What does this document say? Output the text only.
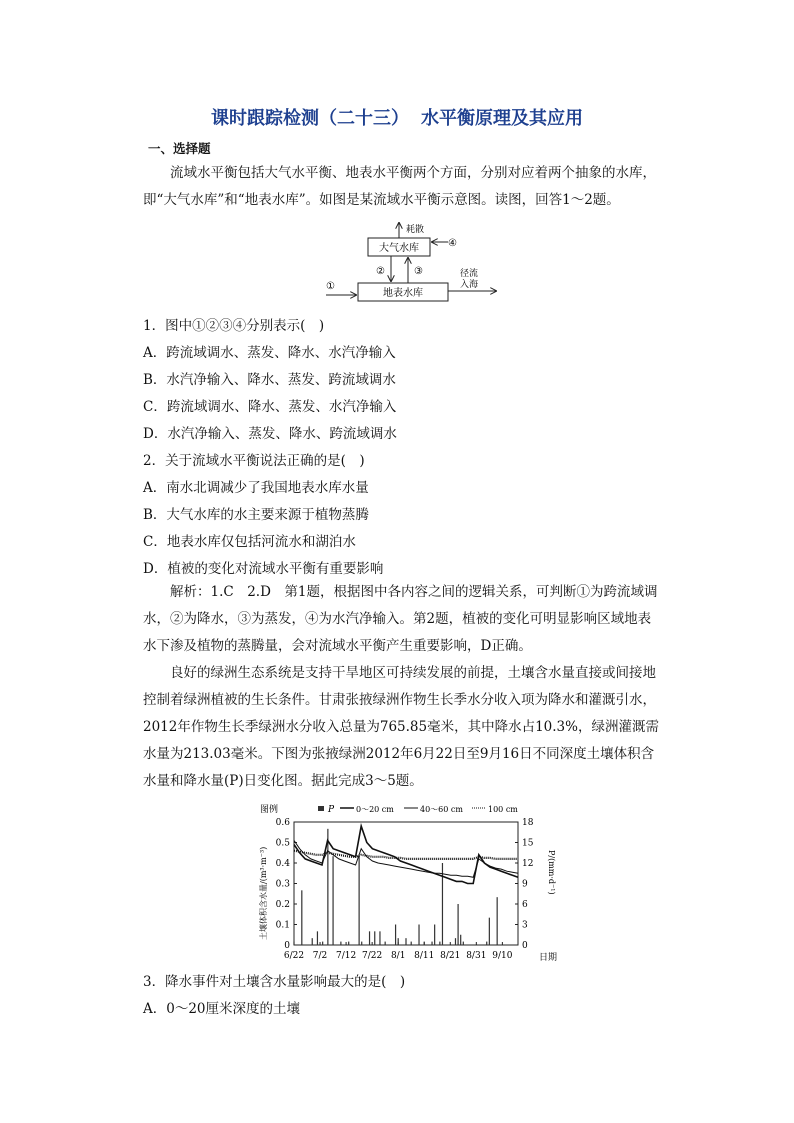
课时跟踪检测（二十三） 水平衡原理及其应用
一、选择题
流域水平衡包括大气水平衡、地表水平衡两个方面，分别对应着两个抽象的水库，即“大气水库”和“地表水库”。如图是某流域水平衡示意图。读图，回答1～2题。
大气水库
地表水库
耗散
④
②	③
①
径流
入海
1．图中①②③④分别表示(　)
A．跨流域调水、蒸发、降水、水汽净输入
B．水汽净输入、降水、蒸发、跨流域调水
C．跨流域调水、降水、蒸发、水汽净输入
D．水汽净输入、蒸发、降水、跨流域调水
2．关于流域水平衡说法正确的是(　)
A．南水北调减少了我国地表水库水量
B．大气水库的水主要来源于植物蒸腾
C．地表水库仅包括河流水和湖泊水
D．植被的变化对流域水平衡有重要影响
解析：1.C　2.D　第1题，根据图中各内容之间的逻辑关系，可判断①为跨流域调水，②为降水，③为蒸发，④为水汽净输入。第2题，植被的变化可明显影响区域地表水下渗及植物的蒸腾量，会对流域水平衡产生重要影响，D正确。
良好的绿洲生态系统是支持干旱地区可持续发展的前提，土壤含水量直接或间接地控制着绿洲植被的生长条件。甘肃张掖绿洲作物生长季水分收入项为降水和灌溉引水，2012年作物生长季绿洲水分收入总量为765.85毫米，其中降水占10.3%，绿洲灌溉需水量为213.03毫米。下图为张掖绿洲2012年6月22日至9月16日不同深度土壤体积含水量和降水量(P)日变化图。据此完成3～5题。
图例	P	0～20 cm	40～60 cm	100 cm
土壤体积含水量/(m³·m⁻³)	P/(mm·d⁻¹)
日期
0
0.1
0.2
0.3
0.4
0.5
0.6
0
3
6
9
12
15
18
6/22 7/2 7/12 7/22 8/1 8/11 8/21 8/31 9/10
3．降水事件对土壤含水量影响最大的是(　)
A．0～20厘米深度的土壤
